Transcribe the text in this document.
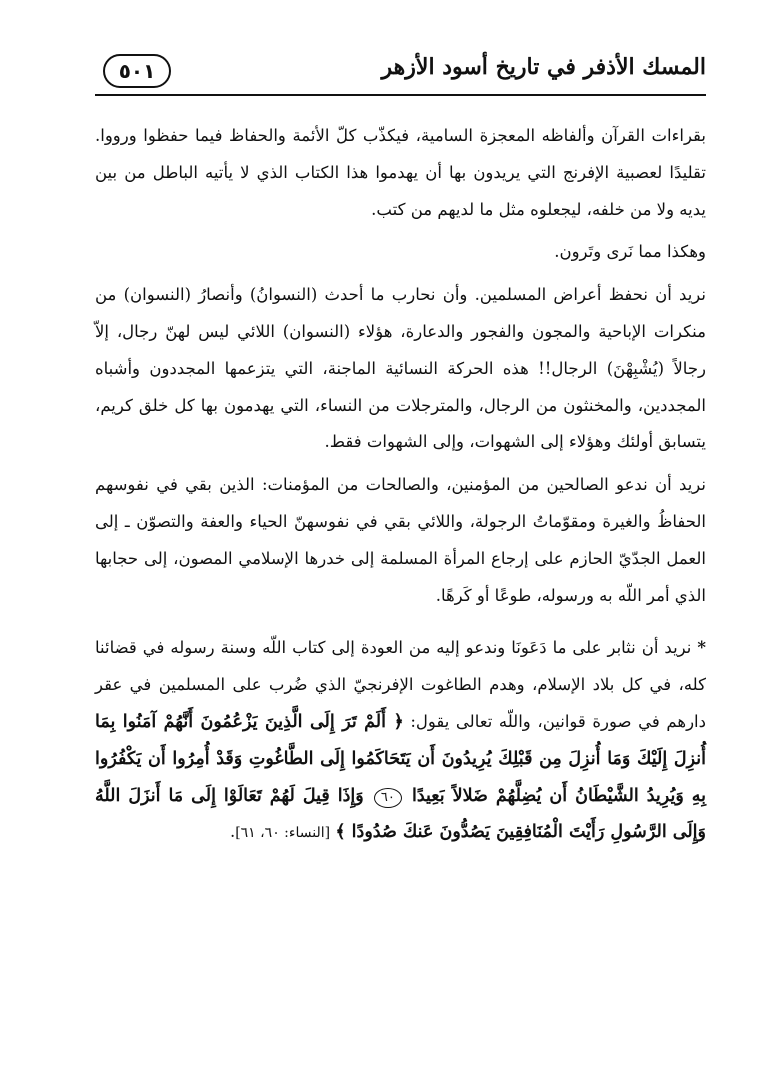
٥٠١	المسك الأذفر في تاريخ أسود الأزهر

بقراءات القرآن وألفاظه المعجزة السامية، فيكذّب كلّ الأئمة والحفاظ فيما حفظوا ورووا. تقليدًا لعصبية الإفرنج التي يريدون بها أن يهدموا هذا الكتاب الذي لا يأتيه الباطل من بين يديه ولا من خلفه، ليجعلوه مثل ما لديهم من كتب.

وهكذا مما نَرى وتَرون.

نريد أن نحفظ أعراض المسلمين. وأن نحارب ما أحدث (النسوانُ) وأنصارُ (النسوان) من منكرات الإباحية والمجون والفجور والدعارة، هؤلاء (النسوان) اللائي ليس لهنّ رجال، إلاّ رجالاً (يُشْبِهْنَ) الرجال!! هذه الحركة النسائية الماجنة، التي يتزعمها المجددون وأشباه المجددين، والمخنثون من الرجال، والمترجلات من النساء، التي يهدمون بها كل خلق كريم، يتسابق أولئك وهؤلاء إلى الشهوات، وإلى الشهوات فقط.

نريد أن ندعو الصالحين من المؤمنين، والصالحات من المؤمنات: الذين بقي في نفوسهم الحفاظُ والغيرة ومقوّماتُ الرجولة، واللائي بقي في نفوسهنّ الحياء والعفة والتصوّن ـ إلى العمل الجدّيّ الحازم على إرجاع المرأة المسلمة إلى خدرها الإسلامي المصون، إلى حجابها الذي أمر اللّه به ورسوله، طوعًا أو كَرهًا.

* نريد أن نثابر على ما دَعَونَا وندعو إليه من العودة إلى كتاب اللّه وسنة رسوله في قضائنا كله، في كل بلاد الإسلام، وهدم الطاغوت الإفرنجيّ الذي ضُرب على المسلمين في عقر دارهم في صورة قوانين، واللّه تعالى يقول: ﴿ أَلَمْ تَرَ إِلَى الَّذِينَ يَزْعُمُونَ أَنَّهُمْ آمَنُوا بِمَا أُنزِلَ إِلَيْكَ وَمَا أُنزِلَ مِن قَبْلِكَ يُرِيدُونَ أَن يَتَحَاكَمُوا إِلَى الطَّاغُوتِ وَقَدْ أُمِرُوا أَن يَكْفُرُوا بِهِ وَيُرِيدُ الشَّيْطَانُ أَن يُضِلَّهُمْ ضَلالاً بَعِيدًا ٦٠ وَإِذَا قِيلَ لَهُمْ تَعَالَوْا إِلَى مَا أَنزَلَ اللَّهُ وَإِلَى الرَّسُولِ رَأَيْتَ الْمُنَافِقِينَ يَصُدُّونَ عَنكَ صُدُودًا ﴾ [النساء: ٦٠، ٦١].
